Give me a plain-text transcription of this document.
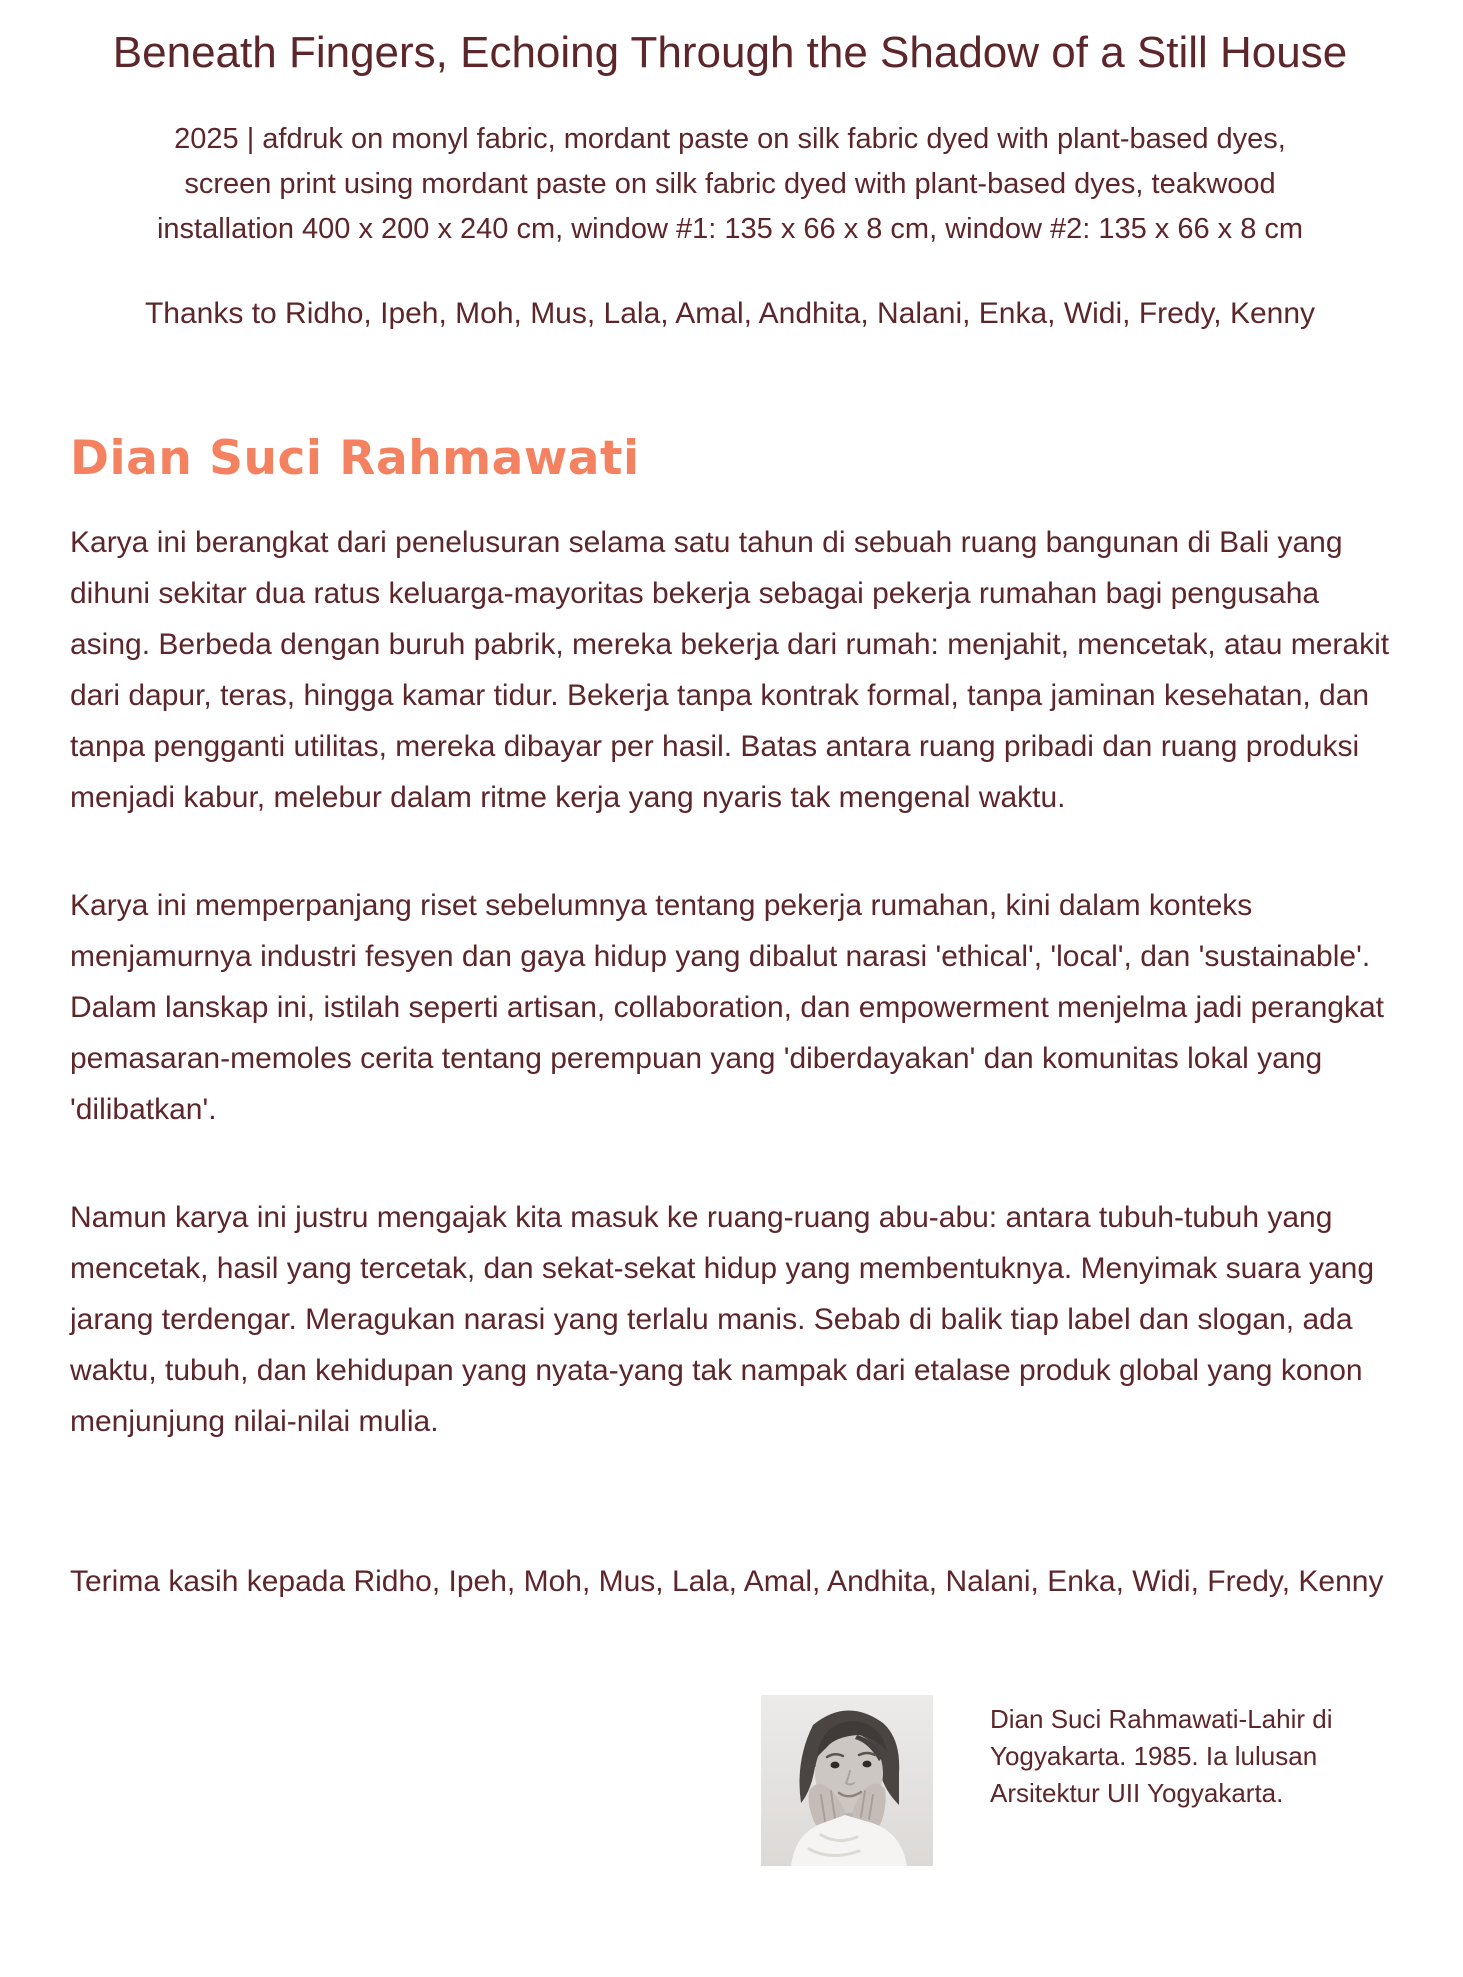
Beneath Fingers, Echoing Through the Shadow of a Still House
2025 | afdruk on monyl fabric, mordant paste on silk fabric dyed with plant-based dyes, screen print using mordant paste on silk fabric dyed with plant-based dyes, teakwood installation 400 x 200 x 240 cm, window #1: 135 x 66 x 8 cm, window #2: 135 x 66 x 8 cm
Thanks to Ridho, Ipeh, Moh, Mus, Lala, Amal, Andhita, Nalani, Enka, Widi, Fredy, Kenny
Dian Suci Rahmawati

Karya ini berangkat dari penelusuran selama satu tahun di sebuah ruang bangunan di Bali yang dihuni sekitar dua ratus keluarga-mayoritas bekerja sebagai pekerja rumahan bagi pengusaha asing. Berbeda dengan buruh pabrik, mereka bekerja dari rumah: menjahit, mencetak, atau merakit dari dapur, teras, hingga kamar tidur. Bekerja tanpa kontrak formal, tanpa jaminan kesehatan, dan tanpa pengganti utilitas, mereka dibayar per hasil. Batas antara ruang pribadi dan ruang produksi menjadi kabur, melebur dalam ritme kerja yang nyaris tak mengenal waktu.

Karya ini memperpanjang riset sebelumnya tentang pekerja rumahan, kini dalam konteks menjamurnya industri fesyen dan gaya hidup yang dibalut narasi 'ethical', 'local', dan 'sustainable'. Dalam lanskap ini, istilah seperti artisan, collaboration, dan empowerment menjelma jadi perangkat pemasaran-memoles cerita tentang perempuan yang 'diberdayakan' dan komunitas lokal yang 'dilibatkan'.

Namun karya ini justru mengajak kita masuk ke ruang-ruang abu-abu: antara tubuh-tubuh yang mencetak, hasil yang tercetak, dan sekat-sekat hidup yang membentuknya. Menyimak suara yang jarang terdengar. Meragukan narasi yang terlalu manis. Sebab di balik tiap label dan slogan, ada waktu, tubuh, dan kehidupan yang nyata-yang tak nampak dari etalase produk global yang konon menjunjung nilai-nilai mulia.

Terima kasih kepada Ridho, Ipeh, Moh, Mus, Lala, Amal, Andhita, Nalani, Enka, Widi, Fredy, Kenny
Dian Suci Rahmawati-Lahir di Yogyakarta. 1985. Ia lulusan Arsitektur UII Yogyakarta.
